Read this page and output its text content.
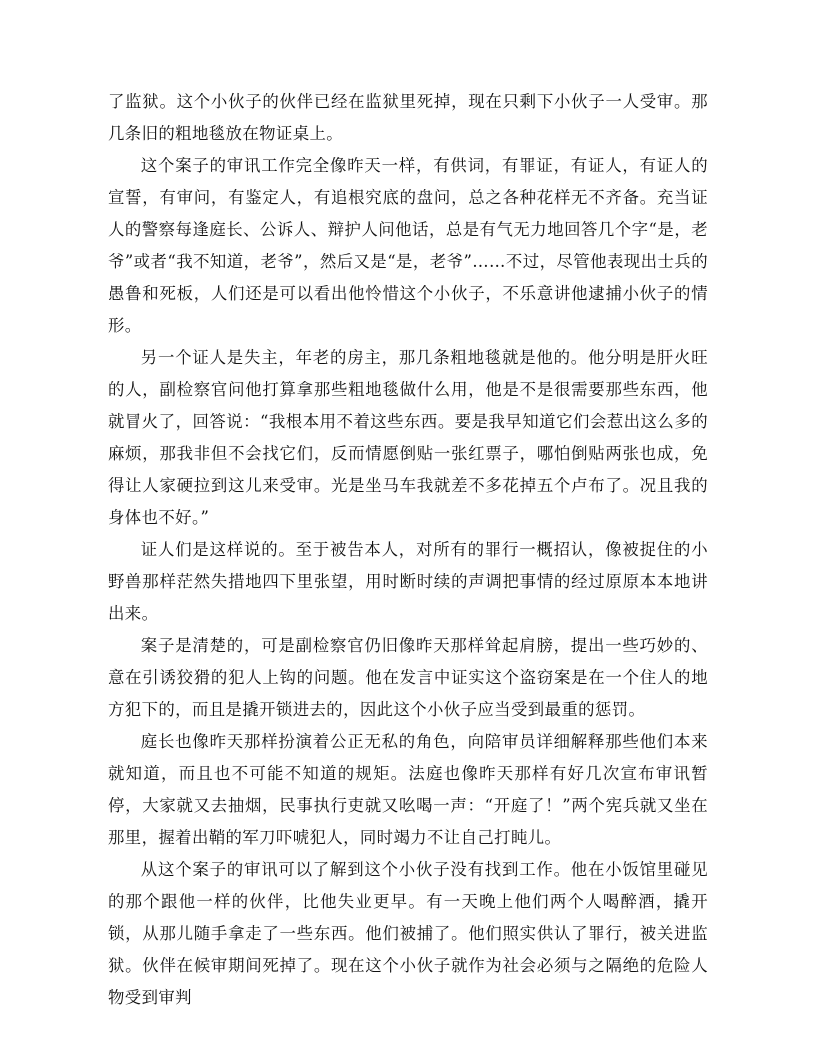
了监狱。这个小伙子的伙伴已经在监狱里死掉，现在只剩下小伙子一人受审。那几条旧的粗地毯放在物证桌上。

这个案子的审讯工作完全像昨天一样，有供词，有罪证，有证人，有证人的宣誓，有审问，有鉴定人，有追根究底的盘问，总之各种花样无不齐备。充当证人的警察每逢庭长、公诉人、辩护人问他话，总是有气无力地回答几个字“是，老爷”或者“我不知道，老爷”，然后又是“是，老爷”……不过，尽管他表现出士兵的愚鲁和死板，人们还是可以看出他怜惜这个小伙子，不乐意讲他逮捕小伙子的情形。

另一个证人是失主，年老的房主，那几条粗地毯就是他的。他分明是肝火旺的人，副检察官问他打算拿那些粗地毯做什么用，他是不是很需要那些东西，他就冒火了，回答说：“我根本用不着这些东西。要是我早知道它们会惹出这么多的麻烦，那我非但不会找它们，反而情愿倒贴一张红票子，哪怕倒贴两张也成，免得让人家硬拉到这儿来受审。光是坐马车我就差不多花掉五个卢布了。况且我的身体也不好。”

证人们是这样说的。至于被告本人，对所有的罪行一概招认，像被捉住的小野兽那样茫然失措地四下里张望，用时断时续的声调把事情的经过原原本本地讲出来。

案子是清楚的，可是副检察官仍旧像昨天那样耸起肩膀，提出一些巧妙的、意在引诱狡猾的犯人上钩的问题。他在发言中证实这个盗窃案是在一个住人的地方犯下的，而且是撬开锁进去的，因此这个小伙子应当受到最重的惩罚。

庭长也像昨天那样扮演着公正无私的角色，向陪审员详细解释那些他们本来就知道，而且也不可能不知道的规矩。法庭也像昨天那样有好几次宣布审讯暂停，大家就又去抽烟，民事执行吏就又吆喝一声：“开庭了！”两个宪兵就又坐在那里，握着出鞘的军刀吓唬犯人，同时竭力不让自己打盹儿。

从这个案子的审讯可以了解到这个小伙子没有找到工作。他在小饭馆里碰见的那个跟他一样的伙伴，比他失业更早。有一天晚上他们两个人喝醉酒，撬开锁，从那儿随手拿走了一些东西。他们被捕了。他们照实供认了罪行，被关进监狱。伙伴在候审期间死掉了。现在这个小伙子就作为社会必须与之隔绝的危险人物受到审判
